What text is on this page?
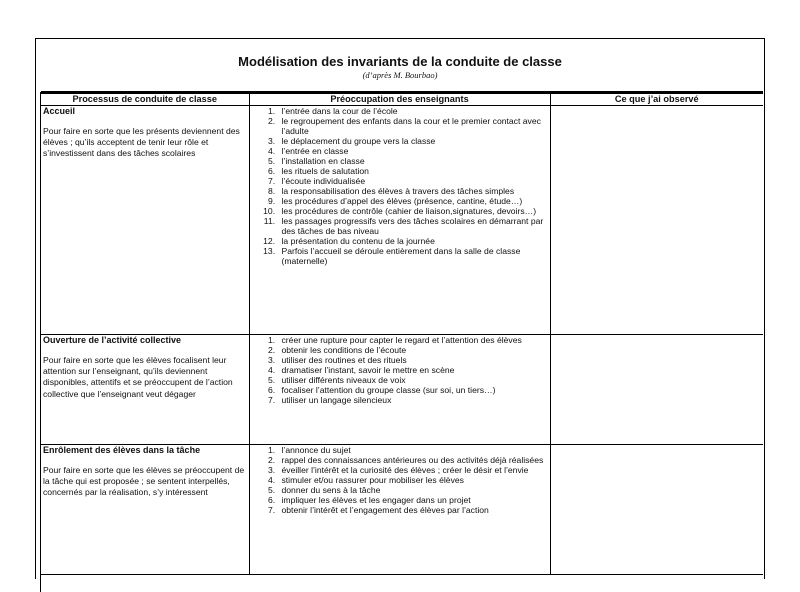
Modélisation des invariants de la conduite de classe
(d’après M. Bourbao)
Processus de conduite de classe	Préoccupation des enseignants	Ce que j’ai observé

Accueil
Pour faire en sorte que les présents deviennent des élèves ; qu’ils acceptent de tenir leur rôle et s’investissent dans des tâches scolaires

1. l’entrée dans la cour de l’école
2. le regroupement des enfants dans la cour et le premier contact avec l’adulte
3. le déplacement du groupe vers la classe
4. l’entrée en classe
5. l’installation en classe
6. les rituels de salutation
7. l’écoute individualisée
8. la responsabilisation des élèves à travers des tâches simples
9. les procédures d’appel des élèves (présence, cantine, étude…)
10. les procédures de contrôle (cahier de liaison,signatures, devoirs…)
11. les passages progressifs vers des tâches scolaires en démarrant par des tâches de bas niveau
12. la présentation du contenu de la journée
13. Parfois l’accueil se déroule entièrement dans la salle de classe (maternelle)

Ouverture de l’activité collective
Pour faire en sorte que les élèves focalisent leur attention sur l’enseignant, qu’ils deviennent disponibles, attentifs et se préoccupent de l’action collective que l’enseignant veut dégager

1. créer une rupture pour capter le regard et l’attention des élèves
2. obtenir les conditions de l’écoute
3. utiliser des routines et des rituels
4. dramatiser l’instant, savoir le mettre en scène
5. utiliser différents niveaux de voix
6. focaliser l’attention du groupe classe (sur soi, un tiers…)
7. utiliser un langage silencieux

Enrôlement des élèves dans la tâche
Pour faire en sorte que les élèves se préoccupent de la tâche qui est proposée ; se sentent interpellés, concernés par la réalisation, s’y intéressent

1. l’annonce du sujet
2. rappel des connaissances antérieures ou des activités déjà réalisées
3. éveiller l’intérêt et la curiosité des élèves ; créer le désir et l’envie
4. stimuler et/ou rassurer pour mobiliser les élèves
5. donner du sens à la tâche
6. impliquer les élèves et les engager dans un projet
7. obtenir l’intérêt et l’engagement des élèves par l’action
